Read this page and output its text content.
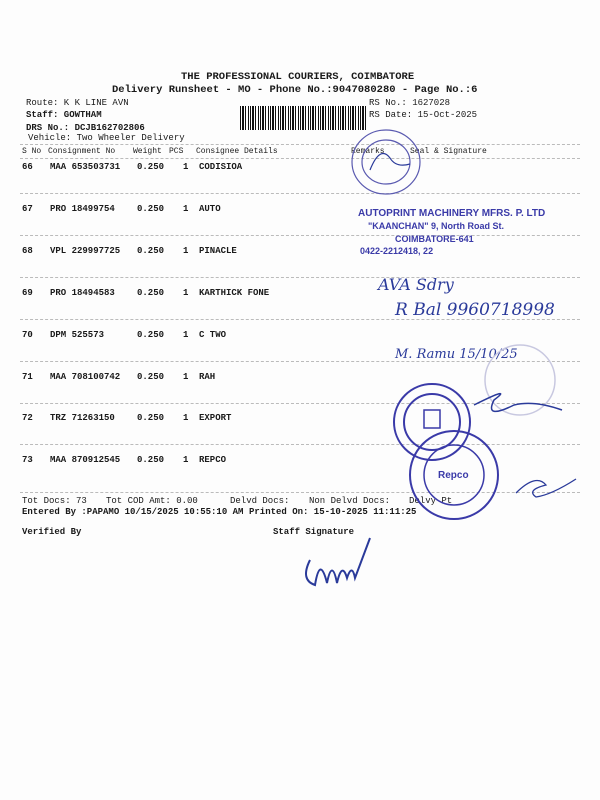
THE PROFESSIONAL COURIERS, COIMBATORE
Delivery Runsheet - MO - Phone No.:9047080280 - Page No.:6
Route: K K LINE AVN
Staff: GOWTHAM
DRS No.: DCJB162702806
Vehicle: Two Wheeler Delivery
RS No.: 1627028
RS Date: 15-Oct-2025
S No Consignment No Weight PCS Consignee Details	Remarks	Seal & Signature
66 MAA 653503731 0.250 1 CODISIOA
67 PRO 18499754 0.250 1 AUTO
68 VPL 229997725 0.250 1 PINACLE
69 PRO 18494583 0.250 1 KARTHICK FONE
70 DPM 525573	0.250 1 C TWO
71 MAA 708100742 0.250 1 RAH
72 TRZ 71263150 0.250 1 EXPORT
73 MAA 870912545 0.250 1 REPCO
Tot Docs: 73 Tot COD Amt: 0.00	Delvd Docs: Non Delvd Docs: Delvy Pt
Entered By :PAPAMO 10/15/2025 10:55:10 AM Printed On: 15-10-2025 11:11:25
Verified By	Staff Signature
AUTOPRINT MACHINERY MFRS. P. LTD
"KAANCHAN" 9, North Road St.
COIMBATORE-641
0422-2212418, 22
AVA Sdry
R Bal 9960718998
M. Ramu 15/10/25
Repco
